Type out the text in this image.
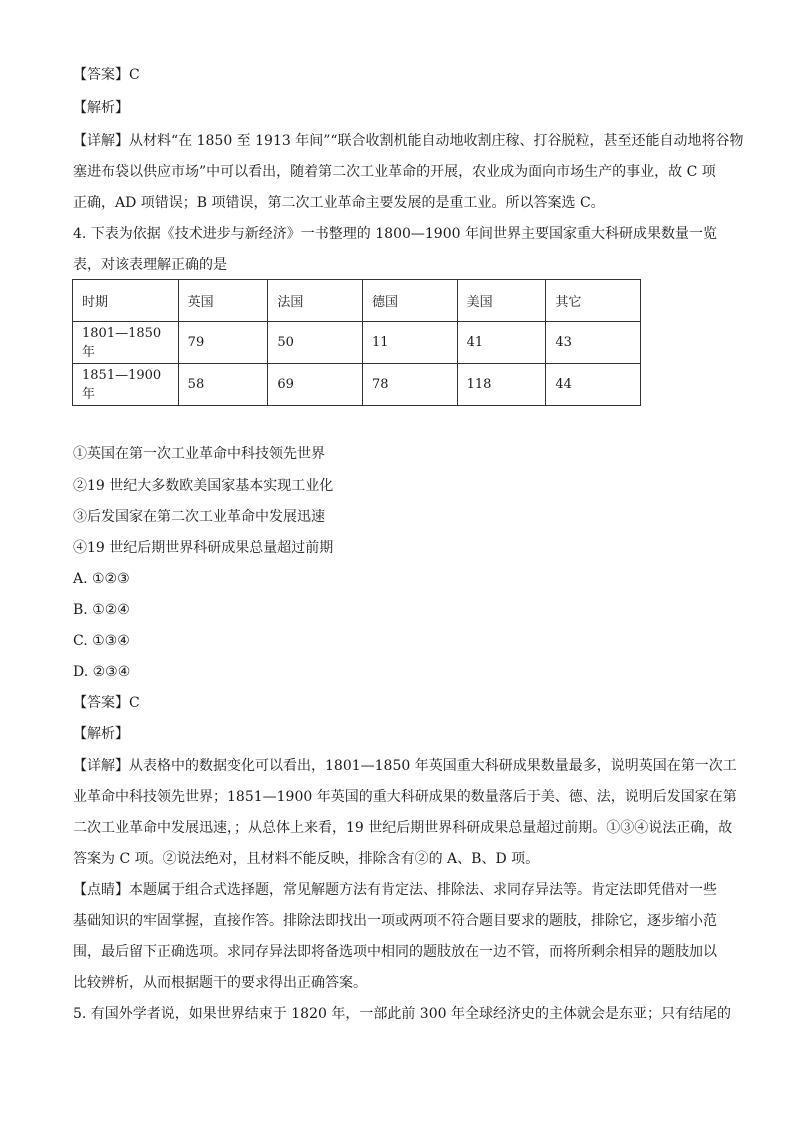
【答案】C
【解析】
【详解】从材料“在 1850 至 1913 年间”“联合收割机能自动地收割庄稼、打谷脱粒，甚至还能自动地将谷物
塞进布袋以供应市场”中可以看出，随着第二次工业革命的开展，农业成为面向市场生产的事业，故 C 项
正确，AD 项错误；B 项错误，第二次工业革命主要发展的是重工业。所以答案选 C。
4. 下表为依据《技术进步与新经济》一书整理的 1800—1900 年间世界主要国家重大科研成果数量一览
表，对该表理解正确的是
时期	英国	法国	德国	美国	其它
1801—1850 年	79	50	11	41	43
1851—1900 年	58	69	78	118	44
①英国在第一次工业革命中科技领先世界
②19 世纪大多数欧美国家基本实现工业化
③后发国家在第二次工业革命中发展迅速
④19 世纪后期世界科研成果总量超过前期
A. ①②③
B. ①②④
C. ①③④
D. ②③④
【答案】C
【解析】
【详解】从表格中的数据变化可以看出，1801—1850 年英国重大科研成果数量最多，说明英国在第一次工
业革命中科技领先世界；1851—1900 年英国的重大科研成果的数量落后于美、德、法，说明后发国家在第
二次工业革命中发展迅速，；从总体上来看，19 世纪后期世界科研成果总量超过前期。①③④说法正确，故
答案为 C 项。②说法绝对，且材料不能反映，排除含有②的 A、B、D 项。
【点睛】本题属于组合式选择题，常见解题方法有肯定法、排除法、求同存异法等。肯定法即凭借对一些
基础知识的牢固掌握，直接作答。排除法即找出一项或两项不符合题目要求的题肢，排除它，逐步缩小范
围，最后留下正确选项。求同存异法即将备选项中相同的题肢放在一边不管，而将所剩余相异的题肢加以
比较辨析，从而根据题干的要求得出正确答案。
5. 有国外学者说，如果世界结束于 1820 年，一部此前 300 年全球经济史的主体就会是东亚；只有结尾的
